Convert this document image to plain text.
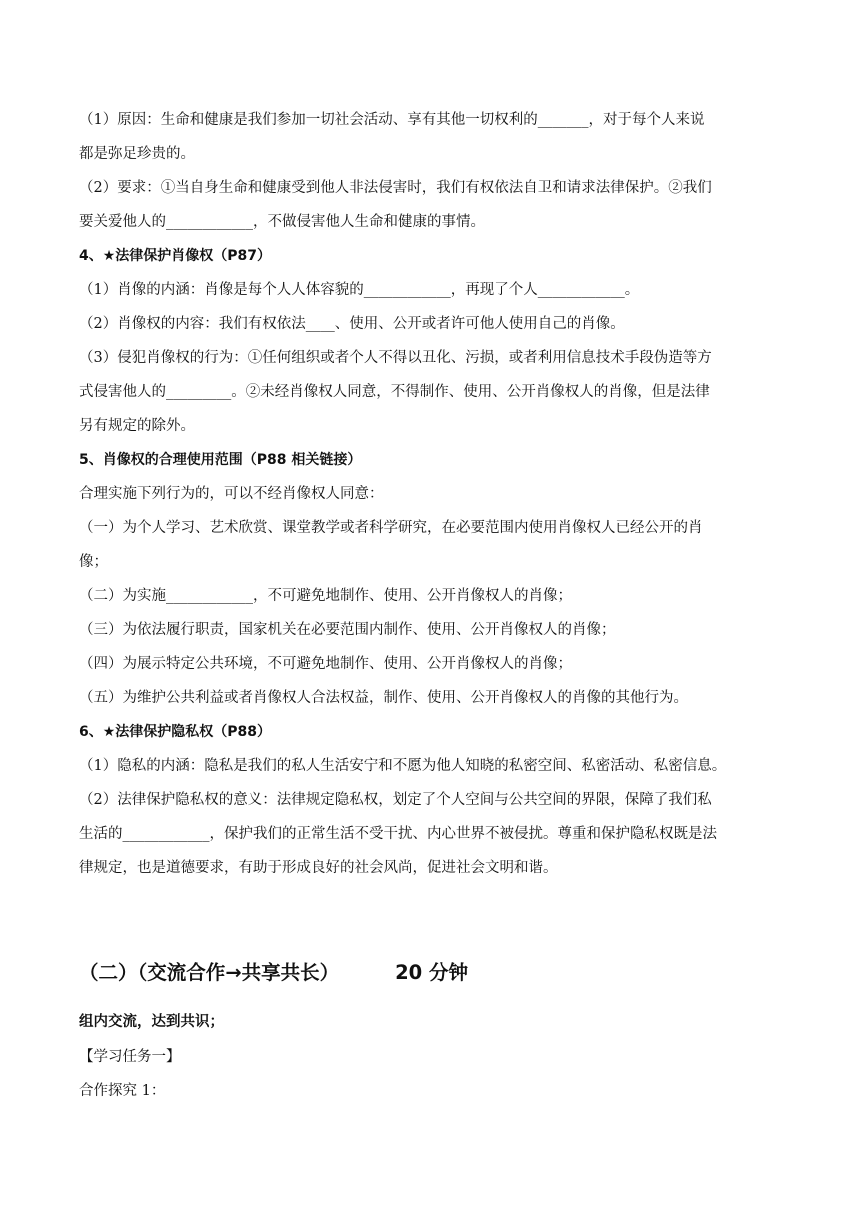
（1）原因：生命和健康是我们参加一切社会活动、享有其他一切权利的_______，对于每个人来说
都是弥足珍贵的。
（2）要求：①当自身生命和健康受到他人非法侵害时，我们有权依法自卫和请求法律保护。②我们
要关爱他人的____________，不做侵害他人生命和健康的事情。
4、★法律保护肖像权（P87）
（1）肖像的内涵：肖像是每个人人体容貌的____________，再现了个人____________。
（2）肖像权的内容：我们有权依法____、使用、公开或者许可他人使用自己的肖像。
（3）侵犯肖像权的行为：①任何组织或者个人不得以丑化、污损，或者利用信息技术手段伪造等方
式侵害他人的_________。②未经肖像权人同意，不得制作、使用、公开肖像权人的肖像，但是法律
另有规定的除外。
5、肖像权的合理使用范围（P88 相关链接）
合理实施下列行为的，可以不经肖像权人同意：
（一）为个人学习、艺术欣赏、课堂教学或者科学研究，在必要范围内使用肖像权人已经公开的肖
像；
（二）为实施____________，不可避免地制作、使用、公开肖像权人的肖像；
（三）为依法履行职责，国家机关在必要范围内制作、使用、公开肖像权人的肖像；
（四）为展示特定公共环境，不可避免地制作、使用、公开肖像权人的肖像；
（五）为维护公共利益或者肖像权人合法权益，制作、使用、公开肖像权人的肖像的其他行为。
6、★法律保护隐私权（P88）
（1）隐私的内涵：隐私是我们的私人生活安宁和不愿为他人知晓的私密空间、私密活动、私密信息。
（2）法律保护隐私权的意义：法律规定隐私权，划定了个人空间与公共空间的界限，保障了我们私
生活的____________，保护我们的正常生活不受干扰、内心世界不被侵扰。尊重和保护隐私权既是法
律规定，也是道德要求，有助于形成良好的社会风尚，促进社会文明和谐。
（二）（交流合作→共享共长）	20 分钟
组内交流，达到共识；
【学习任务一】
合作探究 1：
